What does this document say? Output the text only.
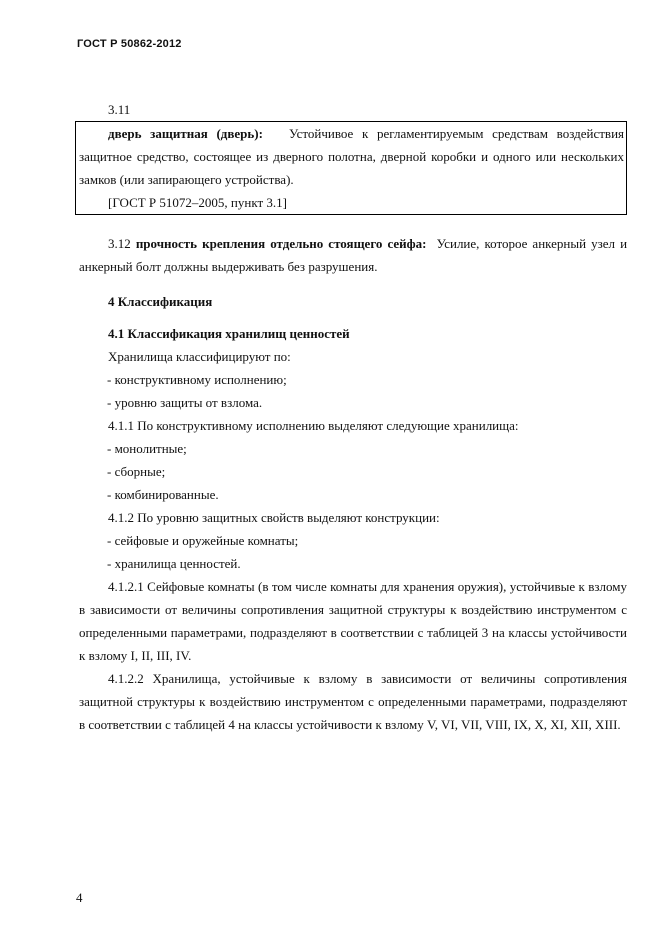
ГОСТ Р 50862-2012

3.11

дверь защитная (дверь): Устойчивое к регламентируемым средствам воздействия защитное средство, состоящее из дверного полотна, дверной коробки и одного или нескольких замков (или запирающего устройства).

[ГОСТ Р 51072–2005, пункт 3.1]

3.12 прочность крепления отдельно стоящего сейфа: Усилие, которое анкерный узел и анкерный болт должны выдерживать без разрушения.

4 Классификация

4.1 Классификация хранилищ ценностей

Хранилища классифицируют по:

- конструктивному исполнению;

- уровню защиты от взлома.

4.1.1 По конструктивному исполнению выделяют следующие хранилища:

- монолитные;

- сборные;

- комбинированные.

4.1.2 По уровню защитных свойств выделяют конструкции:

- сейфовые и оружейные комнаты;

- хранилища ценностей.

4.1.2.1 Сейфовые комнаты (в том числе комнаты для хранения оружия), устойчивые к взлому в зависимости от величины сопротивления защитной структуры к воздействию инструментом с определенными параметрами, подразделяют в соответствии с таблицей 3 на классы устойчивости к взлому I, II, III, IV.

4.1.2.2 Хранилища, устойчивые к взлому в зависимости от величины сопротивления защитной структуры к воздействию инструментом с определенными параметрами, подразделяют в соответствии с таблицей 4 на классы устойчивости к взлому V, VI, VII, VIII, IX, X, XI, XII, XIII.

4
